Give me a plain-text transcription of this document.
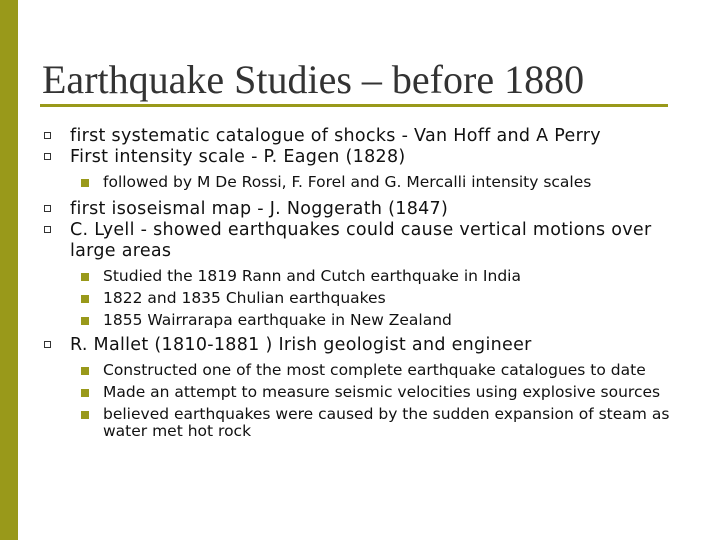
Earthquake Studies – before 1880
first systematic catalogue of shocks - Van Hoff and A Perry
First intensity scale - P. Eagen (1828)
followed by M De Rossi, F. Forel and G. Mercalli intensity scales
first isoseismal map - J. Noggerath (1847)
C. Lyell - showed earthquakes could cause vertical motions over large areas
Studied the 1819 Rann and Cutch earthquake in India
1822 and 1835 Chulian earthquakes
1855 Wairrarapa earthquake in New Zealand
R. Mallet (1810-1881 ) Irish geologist and engineer
Constructed one of the most complete earthquake catalogues to date
Made an attempt to measure seismic velocities using explosive sources
believed earthquakes were caused by the sudden expansion of steam as water met hot rock
